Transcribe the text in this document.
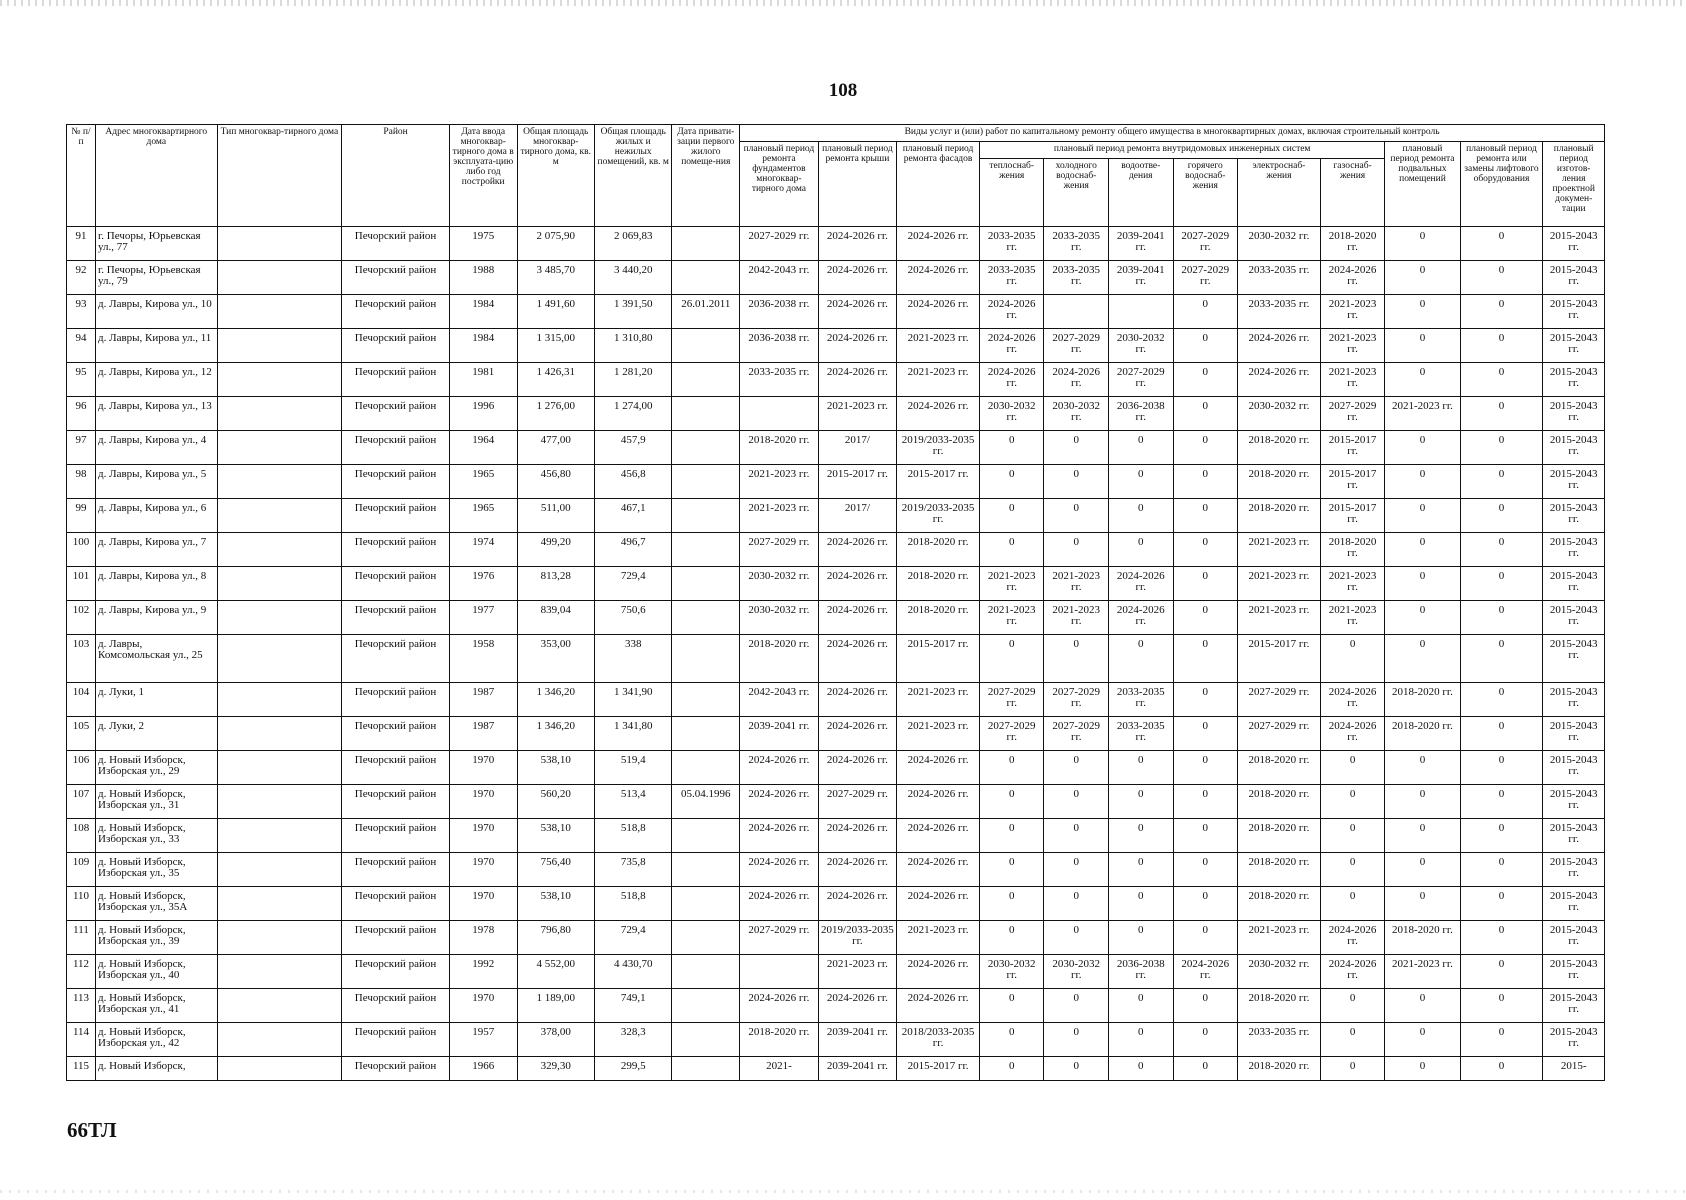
108
№ п/п	Адрес многоквартирного дома	Тип многоквар-тирного дома	Район	Дата ввода многоквар-тирного дома в эксплуата-цию либо год постройки	Общая площадь многоквар-тирного дома, кв. м	Общая площадь жилых и нежилых помещений, кв. м	Дата привати-зации первого жилого помеще-ния	Виды услуг и (или) работ по капитальному ремонту общего имущества в многоквартирных домах, включая строительный контроль											
								плановый период ремонта фундаментов многоквар-тирного дома	плановый период ремонта крыши	плановый период ремонта фасадов	плановый период ремонта внутридомовых инженерных систем						плановый период ремонта подвальных помещений	плановый период ремонта или замены лифтового оборудования	плановый период изготов-ления проектной докумен-тации
											теплоснаб-жения	холодного водоснаб-жения	водоотве-дения	горячего водоснаб-жения	электроснаб-жения	газоснаб-жения			
91	г. Печоры, Юрьевская ул., 77		Печорский район	1975	2 075,90	2 069,83		2027-2029 гг.	2024-2026 гг.	2024-2026 гг.	2033-2035 гг.	2033-2035 гг.	2039-2041 гг.	2027-2029 гг.	2030-2032 гг.	2018-2020 гг.	0	0	2015-2043 гг.
92	г. Печоры, Юрьевская ул., 79		Печорский район	1988	3 485,70	3 440,20		2042-2043 гг.	2024-2026 гг.	2024-2026 гг.	2033-2035 гг.	2033-2035 гг.	2039-2041 гг.	2027-2029 гг.	2033-2035 гг.	2024-2026 гг.	0	0	2015-2043 гг.
93	д. Лавры, Кирова ул., 10		Печорский район	1984	1 491,60	1 391,50	26.01.2011	2036-2038 гг.	2024-2026 гг.	2024-2026 гг.	2024-2026 гг.			0	2033-2035 гг.	2021-2023 гг.	0	0	2015-2043 гг.
94	д. Лавры, Кирова ул., 11		Печорский район	1984	1 315,00	1 310,80		2036-2038 гг.	2024-2026 гг.	2021-2023 гг.	2024-2026 гг.	2027-2029 гг.	2030-2032 гг.	0	2024-2026 гг.	2021-2023 гг.	0	0	2015-2043 гг.
95	д. Лавры, Кирова ул., 12		Печорский район	1981	1 426,31	1 281,20		2033-2035 гг.	2024-2026 гг.	2021-2023 гг.	2024-2026 гг.	2024-2026 гг.	2027-2029 гг.	0	2024-2026 гг.	2021-2023 гг.	0	0	2015-2043 гг.
96	д. Лавры, Кирова ул., 13		Печорский район	1996	1 276,00	1 274,00			2021-2023 гг.	2024-2026 гг.	2030-2032 гг.	2030-2032 гг.	2036-2038 гг.	0	2030-2032 гг.	2027-2029 гг.	2021-2023 гг.	0	2015-2043 гг.
97	д. Лавры, Кирова ул., 4		Печорский район	1964	477,00	457,9		2018-2020 гг.	2017/	2019/2033-2035 гг.	0	0	0	0	2018-2020 гг.	2015-2017 гг.	0	0	2015-2043 гг.
98	д. Лавры, Кирова ул., 5		Печорский район	1965	456,80	456,8		2021-2023 гг.	2015-2017 гг.	2015-2017 гг.	0	0	0	0	2018-2020 гг.	2015-2017 гг.	0	0	2015-2043 гг.
99	д. Лавры, Кирова ул., 6		Печорский район	1965	511,00	467,1		2021-2023 гг.	2017/	2019/2033-2035 гг.	0	0	0	0	2018-2020 гг.	2015-2017 гг.	0	0	2015-2043 гг.
100	д. Лавры, Кирова ул., 7		Печорский район	1974	499,20	496,7		2027-2029 гг.	2024-2026 гг.	2018-2020 гг.	0	0	0	0	2021-2023 гг.	2018-2020 гг.	0	0	2015-2043 гг.
101	д. Лавры, Кирова ул., 8		Печорский район	1976	813,28	729,4		2030-2032 гг.	2024-2026 гг.	2018-2020 гг.	2021-2023 гг.	2021-2023 гг.	2024-2026 гг.	0	2021-2023 гг.	2021-2023 гг.	0	0	2015-2043 гг.
102	д. Лавры, Кирова ул., 9		Печорский район	1977	839,04	750,6		2030-2032 гг.	2024-2026 гг.	2018-2020 гг.	2021-2023 гг.	2021-2023 гг.	2024-2026 гг.	0	2021-2023 гг.	2021-2023 гг.	0	0	2015-2043 гг.
103	д. Лавры, Комсомольская ул., 25		Печорский район	1958	353,00	338		2018-2020 гг.	2024-2026 гг.	2015-2017 гг.	0	0	0	0	2015-2017 гг.	0	0	0	2015-2043 гг.
104	д. Луки, 1		Печорский район	1987	1 346,20	1 341,90		2042-2043 гг.	2024-2026 гг.	2021-2023 гг.	2027-2029 гг.	2027-2029 гг.	2033-2035 гг.	0	2027-2029 гг.	2024-2026 гг.	2018-2020 гг.	0	2015-2043 гг.
105	д. Луки, 2		Печорский район	1987	1 346,20	1 341,80		2039-2041 гг.	2024-2026 гг.	2021-2023 гг.	2027-2029 гг.	2027-2029 гг.	2033-2035 гг.	0	2027-2029 гг.	2024-2026 гг.	2018-2020 гг.	0	2015-2043 гг.
106	д. Новый Изборск, Изборская ул., 29		Печорский район	1970	538,10	519,4		2024-2026 гг.	2024-2026 гг.	2024-2026 гг.	0	0	0	0	2018-2020 гг.	0	0	0	2015-2043 гг.
107	д. Новый Изборск, Изборская ул., 31		Печорский район	1970	560,20	513,4	05.04.1996	2024-2026 гг.	2027-2029 гг.	2024-2026 гг.	0	0	0	0	2018-2020 гг.	0	0	0	2015-2043 гг.
108	д. Новый Изборск, Изборская ул., 33		Печорский район	1970	538,10	518,8		2024-2026 гг.	2024-2026 гг.	2024-2026 гг.	0	0	0	0	2018-2020 гг.	0	0	0	2015-2043 гг.
109	д. Новый Изборск, Изборская ул., 35		Печорский район	1970	756,40	735,8		2024-2026 гг.	2024-2026 гг.	2024-2026 гг.	0	0	0	0	2018-2020 гг.	0	0	0	2015-2043 гг.
110	д. Новый Изборск, Изборская ул., 35А		Печорский район	1970	538,10	518,8		2024-2026 гг.	2024-2026 гг.	2024-2026 гг.	0	0	0	0	2018-2020 гг.	0	0	0	2015-2043 гг.
111	д. Новый Изборск, Изборская ул., 39		Печорский район	1978	796,80	729,4		2027-2029 гг.	2019/2033-2035 гг.	2021-2023 гг.	0	0	0	0	2021-2023 гг.	2024-2026 гг.	2018-2020 гг.	0	2015-2043 гг.
112	д. Новый Изборск, Изборская ул., 40		Печорский район	1992	4 552,00	4 430,70			2021-2023 гг.	2024-2026 гг.	2030-2032 гг.	2030-2032 гг.	2036-2038 гг.	2024-2026 гг.	2030-2032 гг.	2024-2026 гг.	2021-2023 гг.	0	2015-2043 гг.
113	д. Новый Изборск, Изборская ул., 41		Печорский район	1970	1 189,00	749,1		2024-2026 гг.	2024-2026 гг.	2024-2026 гг.	0	0	0	0	2018-2020 гг.	0	0	0	2015-2043 гг.
114	д. Новый Изборск, Изборская ул., 42		Печорский район	1957	378,00	328,3		2018-2020 гг.	2039-2041 гг.	2018/2033-2035 гг.	0	0	0	0	2033-2035 гг.	0	0	0	2015-2043 гг.
115	д. Новый Изборск,		Печорский район	1966	329,30	299,5		2021-	2039-2041 гг.	2015-2017 гг.	0	0	0	0	2018-2020 гг.	0	0	0	2015-
66ТЛ
